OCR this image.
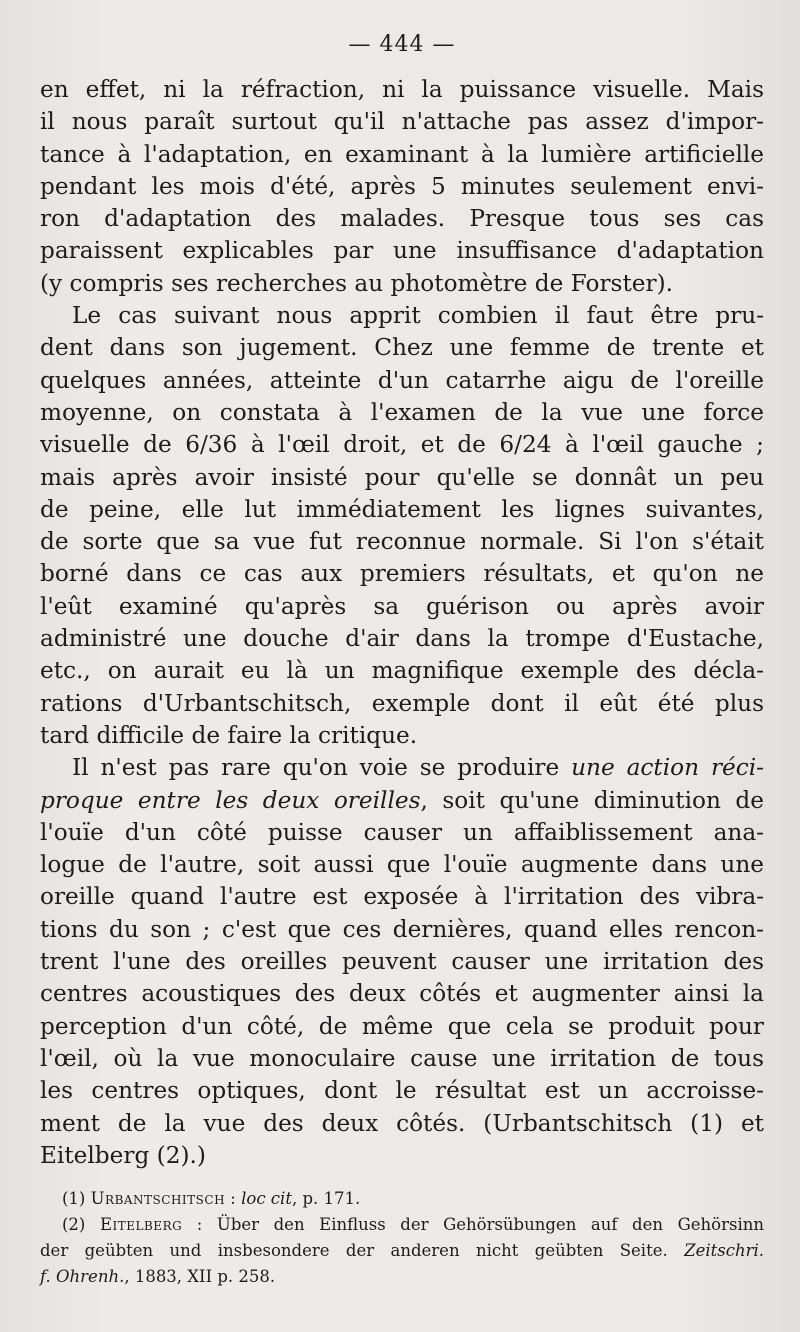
— 444 —
en effet, ni la réfraction, ni la puissance visuelle. Mais
il nous paraît surtout qu'il n'attache pas assez d'impor-
tance à l'adaptation, en examinant à la lumière artificielle
pendant les mois d'été, après 5 minutes seulement envi-
ron d'adaptation des malades. Presque tous ses cas
paraissent explicables par une insuffisance d'adaptation
(y compris ses recherches au photomètre de Forster).
Le cas suivant nous apprit combien il faut être pru-
dent dans son jugement. Chez une femme de trente et
quelques années, atteinte d'un catarrhe aigu de l'oreille
moyenne, on constata à l'examen de la vue une force
visuelle de 6/36 à l'œil droit, et de 6/24 à l'œil gauche ;
mais après avoir insisté pour qu'elle se donnât un peu
de peine, elle lut immédiatement les lignes suivantes,
de sorte que sa vue fut reconnue normale. Si l'on s'était
borné dans ce cas aux premiers résultats, et qu'on ne
l'eût examiné qu'après sa guérison ou après avoir
administré une douche d'air dans la trompe d'Eustache,
etc., on aurait eu là un magnifique exemple des décla-
rations d'Urbantschitsch, exemple dont il eût été plus
tard difficile de faire la critique.
Il n'est pas rare qu'on voie se produire une action réci-
proque entre les deux oreilles, soit qu'une diminution de
l'ouïe d'un côté puisse causer un affaiblissement ana-
logue de l'autre, soit aussi que l'ouïe augmente dans une
oreille quand l'autre est exposée à l'irritation des vibra-
tions du son ; c'est que ces dernières, quand elles rencon-
trent l'une des oreilles peuvent causer une irritation des
centres acoustiques des deux côtés et augmenter ainsi la
perception d'un côté, de même que cela se produit pour
l'œil, où la vue monoculaire cause une irritation de tous
les centres optiques, dont le résultat est un accroisse-
ment de la vue des deux côtés. (Urbantschitsch (1) et
Eitelberg (2).)
(1) Urbantschitsch : loc cit, p. 171.
(2) Eitelberg : Über den Einfluss der Gehörsübungen auf den Gehörsinn
der geübten und insbesondere der anderen nicht geübten Seite. Zeitschri.
f. Ohrenh., 1883, XII p. 258.
